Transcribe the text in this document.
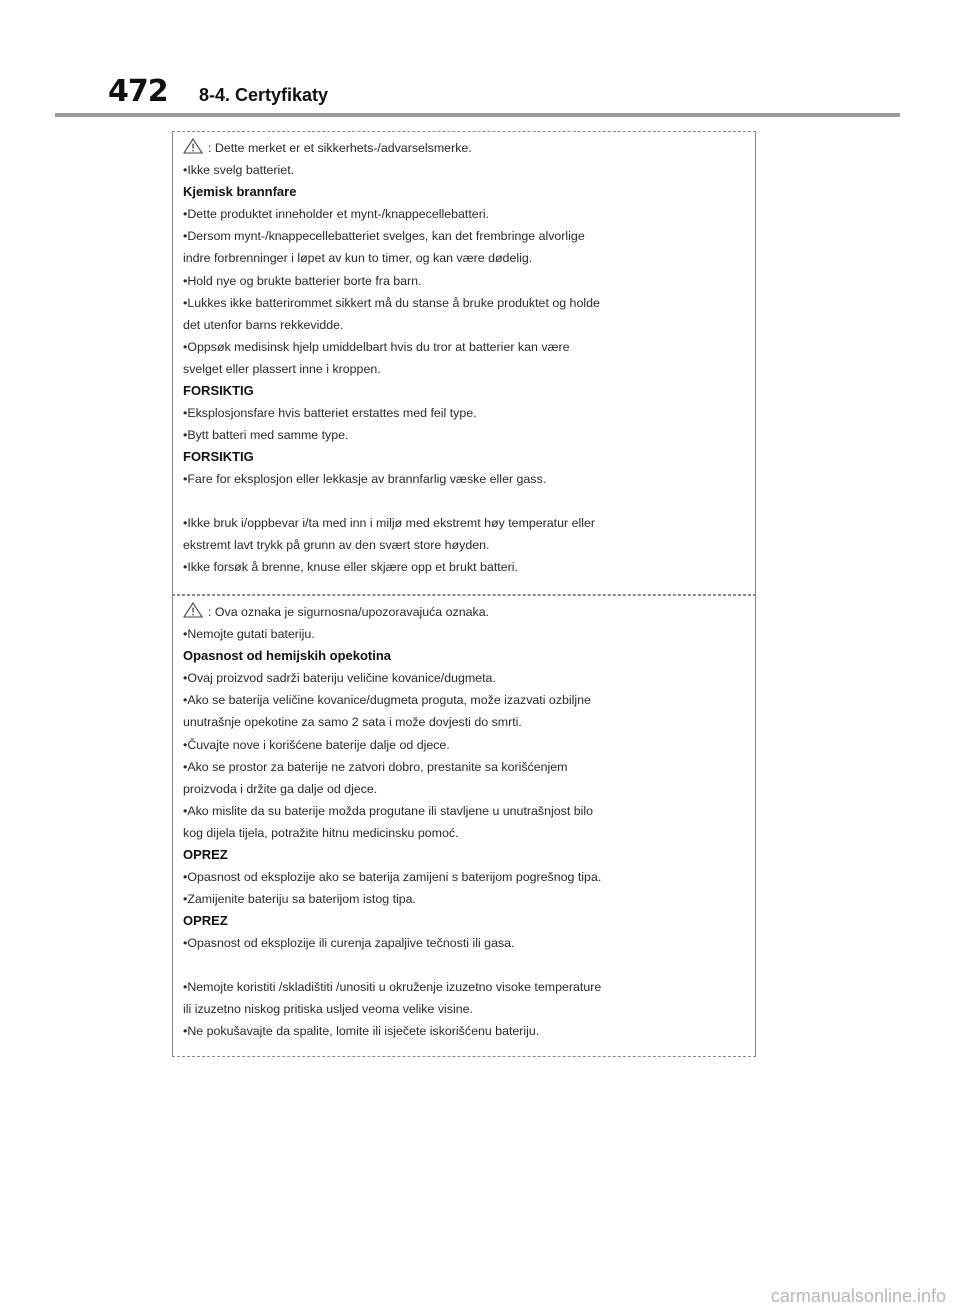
472 8-4. Certyfikaty
: Dette merket er et sikkerhets-/advarselsmerke.
•Ikke svelg batteriet.
Kjemisk brannfare
•Dette produktet inneholder et mynt-/knappecellebatteri.
•Dersom mynt-/knappecellebatteriet svelges, kan det frembringe alvorlige
indre forbrenninger i løpet av kun to timer, og kan være dødelig.
•Hold nye og brukte batterier borte fra barn.
•Lukkes ikke batterirommet sikkert må du stanse å bruke produktet og holde
det utenfor barns rekkevidde.
•Oppsøk medisinsk hjelp umiddelbart hvis du tror at batterier kan være
svelget eller plassert inne i kroppen.
FORSIKTIG
•Eksplosjonsfare hvis batteriet erstattes med feil type.
•Bytt batteri med samme type.
FORSIKTIG
•Fare for eksplosjon eller lekkasje av brannfarlig væske eller gass.
•Ikke bruk i/oppbevar i/ta med inn i miljø med ekstremt høy temperatur eller
ekstremt lavt trykk på grunn av den svært store høyden.
•Ikke forsøk å brenne, knuse eller skjære opp et brukt batteri.
: Ova oznaka je sigurnosna/upozoravajuća oznaka.
•Nemojte gutati bateriju.
Opasnost od hemijskih opekotina
•Ovaj proizvod sadrži bateriju veličine kovanice/dugmeta.
•Ako se baterija veličine kovanice/dugmeta proguta, može izazvati ozbiljne
unutrašnje opekotine za samo 2 sata i može dovjesti do smrti.
•Čuvajte nove i korišćene baterije dalje od djece.
•Ako se prostor za baterije ne zatvori dobro, prestanite sa korišćenjem
proizvoda i držite ga dalje od djece.
•Ako mislite da su baterije možda progutane ili stavljene u unutrašnjost bilo
kog dijela tijela, potražite hitnu medicinsku pomoć.
OPREZ
•Opasnost od eksplozije ako se baterija zamijeni s baterijom pogrešnog tipa.
•Zamijenite bateriju sa baterijom istog tipa.
OPREZ
•Opasnost od eksplozije ili curenja zapaljive tečnosti ili gasa.
•Nemojte koristiti /skladištiti /unositi u okruženje izuzetno visoke temperature
ili izuzetno niskog pritiska usljed veoma velike visine.
•Ne pokušavajte da spalite, lomite ili isječete iskorišćenu bateriju.
carmanualsonline.info
